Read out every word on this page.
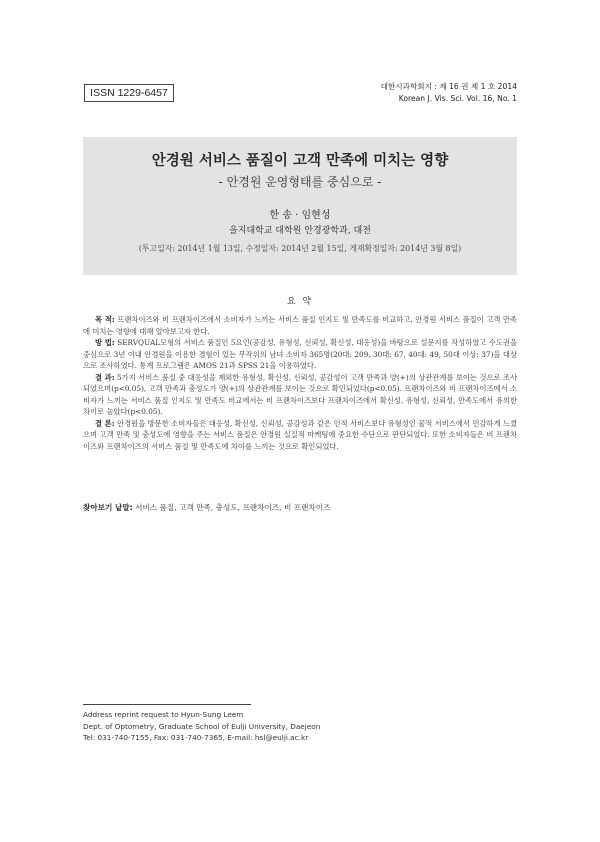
ISSN 1229-6457
대한시과학회지 : 제 16 권 제 1 호 2014
Korean J. Vis. Sci. Vol. 16, No. 1
안경원 서비스 품질이 고객 만족에 미치는 영향
- 안경원 운영형태를 중심으로 -
한 송 · 임현성
을지대학교 대학원 안경광학과, 대전
(투고일자: 2014년 1월 13일, 수정일자: 2014년 2월 15일, 게재확정일자: 2014년 3월 8일)
요 약

목 적: 프랜차이즈와 비 프랜차이즈에서 소비자가 느끼는 서비스 품질 인지도 및 만족도를 비교하고, 안경원 서비스 품질이 고객 만족에 미치는 영향에 대해 알아보고자 한다.

방 법: SERVQUAL모형의 서비스 품질인 5요인(공감성, 유형성, 신뢰성, 확신성, 대응성)을 바탕으로 설문지를 작성하였고 수도권을 중심으로 3년 이내 안경원을 이용한 경험이 있는 무작위의 남녀 소비자 365명(20대: 209, 30대: 67, 40대: 49, 50대 이상: 37)을 대상으로 조사하였다. 통계 프로그램은 AMOS 21과 SPSS 21을 이용하였다.

결 과: 5가지 서비스 품질 중 대응성을 제외한 유형성, 확신성, 신뢰성, 공감성이 고객 만족과 양(+)의 상관관계를 보이는 것으로 조사되었으며(p<0.05), 고객 만족과 충성도가 양(+)의 상관관계를 보이는 것으로 확인되었다(p<0.05). 프랜차이즈와 비 프랜차이즈에서 소비자가 느끼는 서비스 품질 인지도 및 만족도 비교에서는 비 프랜차이즈보다 프랜차이즈에서 확신성, 유형성, 신뢰성, 만족도에서 유의한 차이로 높았다(p<0.05).

결 론: 안경원을 방문한 소비자들은 대응성, 확신성, 신뢰성, 공감성과 같은 인적 서비스보다 유형성인 물적 서비스에서 민감하게 느꼈으며 고객 만족 및 충성도에 영향을 주는 서비스 품질은 안경원 실질적 마케팅에 중요한 수단으로 판단되었다. 또한 소비자들은 비 프랜차이즈와 프랜차이즈의 서비스 품질 및 만족도에 차이를 느끼는 것으로 확인되었다.

찾아보기 낱말: 서비스 품질, 고객 만족, 충성도, 프랜차이즈, 비 프랜차이즈
Address reprint request to Hyun-Sung Leem
Dept. of Optometry, Graduate School of Eulji University, Daejeon
Tel: 031-740-7155, Fax: 031-740-7365, E-mail: hsl@eulji.ac.kr
